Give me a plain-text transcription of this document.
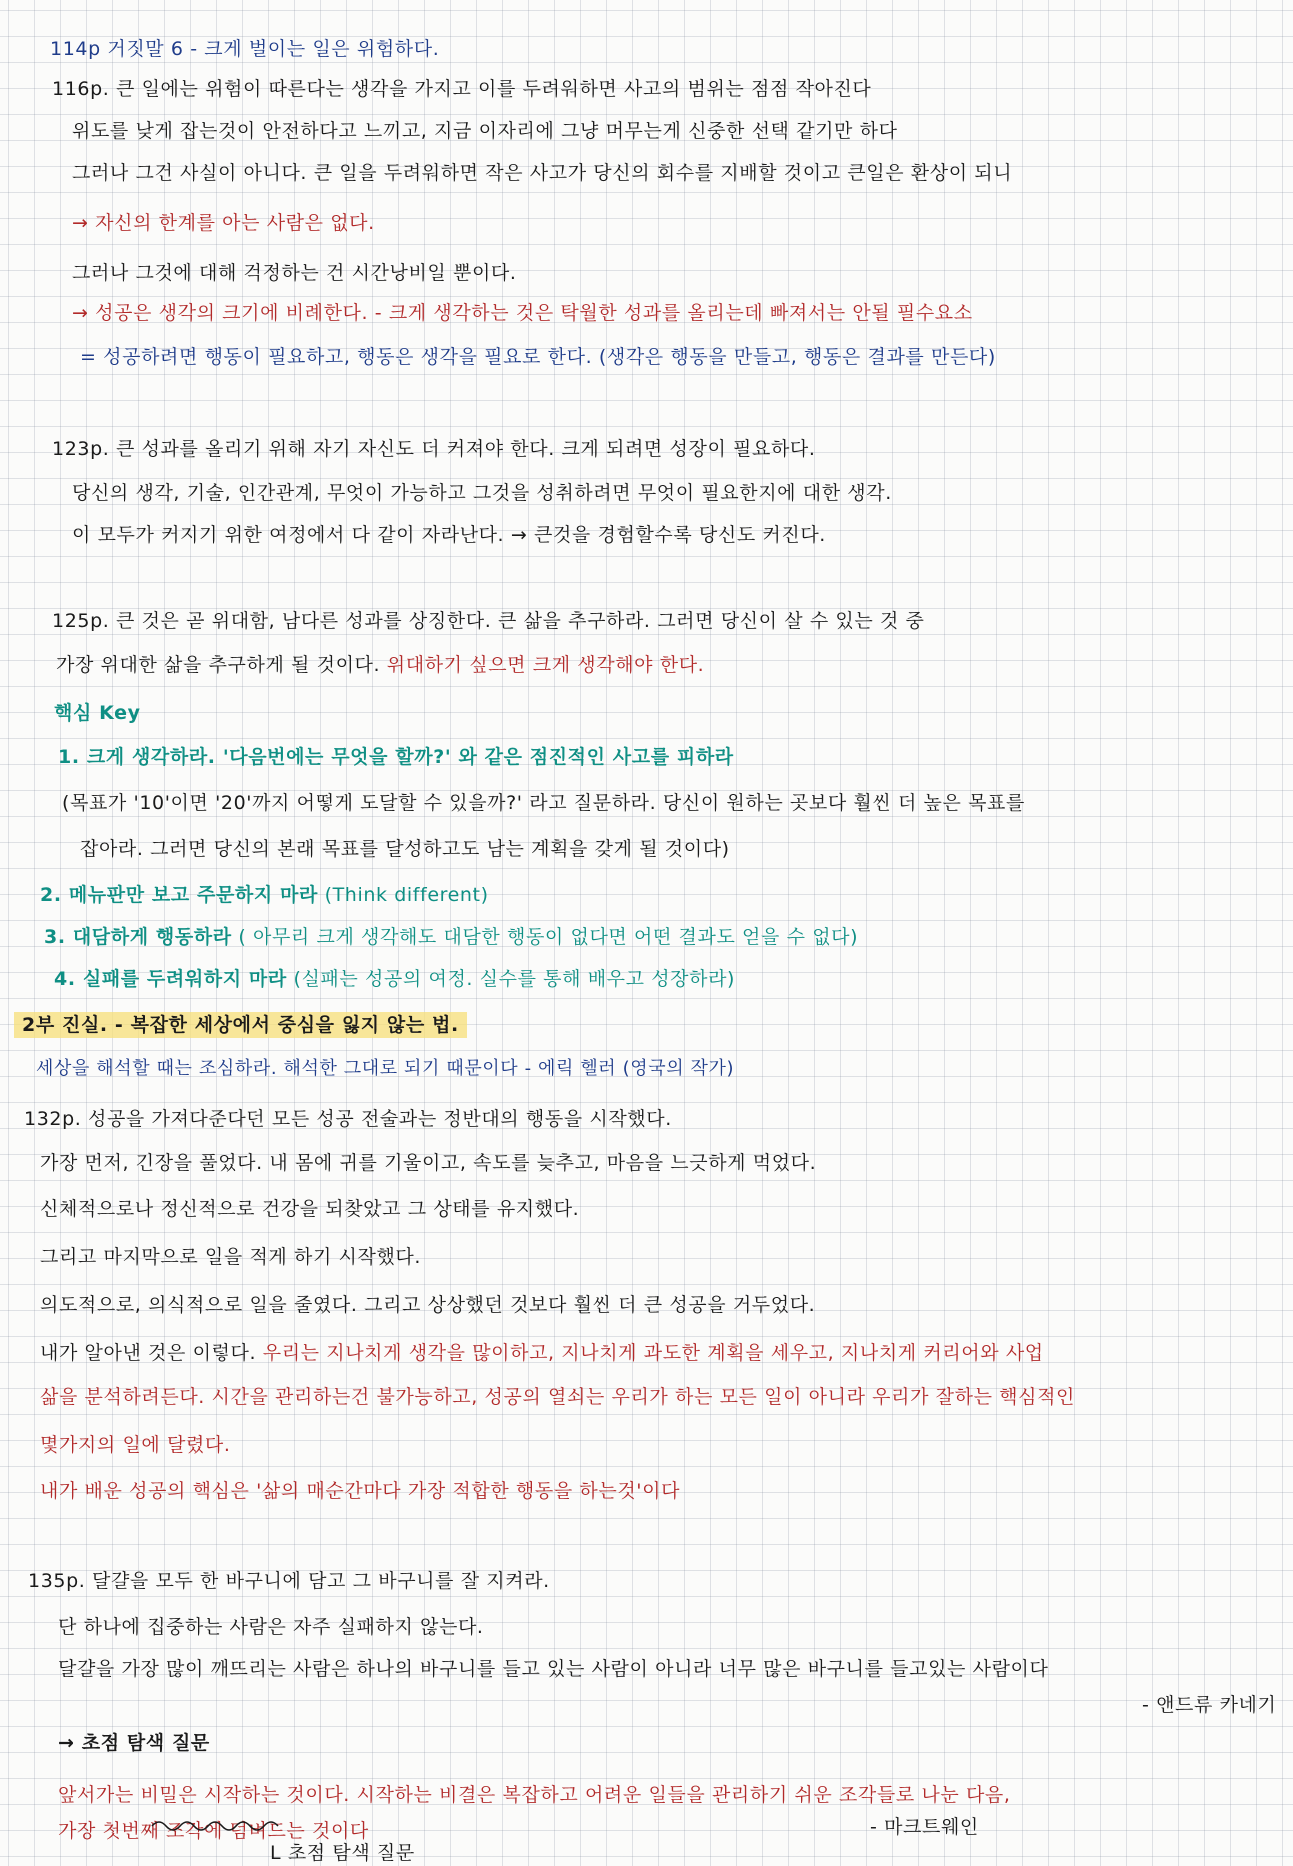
114p 거짓말 6 - 크게 벌이는 일은 위험하다.

116p. 큰 일에는 위험이 따른다는 생각을 가지고 이를 두려워하면 사고의 범위는 점점 작아진다

위도를 낮게 잡는것이 안전하다고 느끼고, 지금 이자리에 그냥 머무는게 신중한 선택 같기만 하다

그러나 그건 사실이 아니다. 큰 일을 두려워하면 작은 사고가 당신의 회수를 지배할 것이고 큰일은 환상이 되니

→ 자신의 한계를 아는 사람은 없다.

그러나 그것에 대해 걱정하는 건 시간낭비일 뿐이다.

→ 성공은 생각의 크기에 비례한다. - 크게 생각하는 것은 탁월한 성과를 올리는데 빠져서는 안될 필수요소

= 성공하려면 행동이 필요하고, 행동은 생각을 필요로 한다. (생각은 행동을 만들고, 행동은 결과를 만든다)

123p. 큰 성과를 올리기 위해 자기 자신도 더 커져야 한다. 크게 되려면 성장이 필요하다.

당신의 생각, 기술, 인간관계, 무엇이 가능하고 그것을 성취하려면 무엇이 필요한지에 대한 생각.

이 모두가 커지기 위한 여정에서 다 같이 자라난다. → 큰것을 경험할수록 당신도 커진다.

125p. 큰 것은 곧 위대함, 남다른 성과를 상징한다. 큰 삶을 추구하라. 그러면 당신이 살 수 있는 것 중

가장 위대한 삶을 추구하게 될 것이다. 위대하기 싶으면 크게 생각해야 한다.

핵심 Key

1. 크게 생각하라. '다음번에는 무엇을 할까?' 와 같은 점진적인 사고를 피하라

(목표가 '10'이면 '20'까지 어떻게 도달할 수 있을까?' 라고 질문하라. 당신이 원하는 곳보다 훨씬 더 높은 목표를

잡아라. 그러면 당신의 본래 목표를 달성하고도 남는 계획을 갖게 될 것이다)

2. 메뉴판만 보고 주문하지 마라 (Think different)

3. 대담하게 행동하라 ( 아무리 크게 생각해도 대담한 행동이 없다면 어떤 결과도 얻을 수 없다)

4. 실패를 두려워하지 마라 (실패는 성공의 여정. 실수를 통해 배우고 성장하라)

2부 진실. - 복잡한 세상에서 중심을 잃지 않는 법.

세상을 해석할 때는 조심하라. 해석한 그대로 되기 때문이다 - 에릭 헬러 (영국의 작가)

132p. 성공을 가져다준다던 모든 성공 전술과는 정반대의 행동을 시작했다.

가장 먼저, 긴장을 풀었다. 내 몸에 귀를 기울이고, 속도를 늦추고, 마음을 느긋하게 먹었다.

신체적으로나 정신적으로 건강을 되찾았고 그 상태를 유지했다.

그리고 마지막으로 일을 적게 하기 시작했다.

의도적으로, 의식적으로 일을 줄였다. 그리고 상상했던 것보다 훨씬 더 큰 성공을 거두었다.

내가 알아낸 것은 이렇다. 우리는 지나치게 생각을 많이하고, 지나치게 과도한 계획을 세우고, 지나치게 커리어와 사업

삶을 분석하려든다. 시간을 관리하는건 불가능하고, 성공의 열쇠는 우리가 하는 모든 일이 아니라 우리가 잘하는 핵심적인

몇가지의 일에 달렸다.

내가 배운 성공의 핵심은 '삶의 매순간마다 가장 적합한 행동을 하는것'이다

135p. 달걀을 모두 한 바구니에 담고 그 바구니를 잘 지켜라.

단 하나에 집중하는 사람은 자주 실패하지 않는다.

달걀을 가장 많이 깨뜨리는 사람은 하나의 바구니를 들고 있는 사람이 아니라 너무 많은 바구니를 들고있는 사람이다

- 앤드류 카네기

→ 초점 탐색 질문

앞서가는 비밀은 시작하는 것이다. 시작하는 비결은 복잡하고 어려운 일들을 관리하기 쉬운 조각들로 나눈 다음,

가장 첫번째 조각에 덤벼드는 것이다	- 마크트웨인

L 초점 탐색 질문
